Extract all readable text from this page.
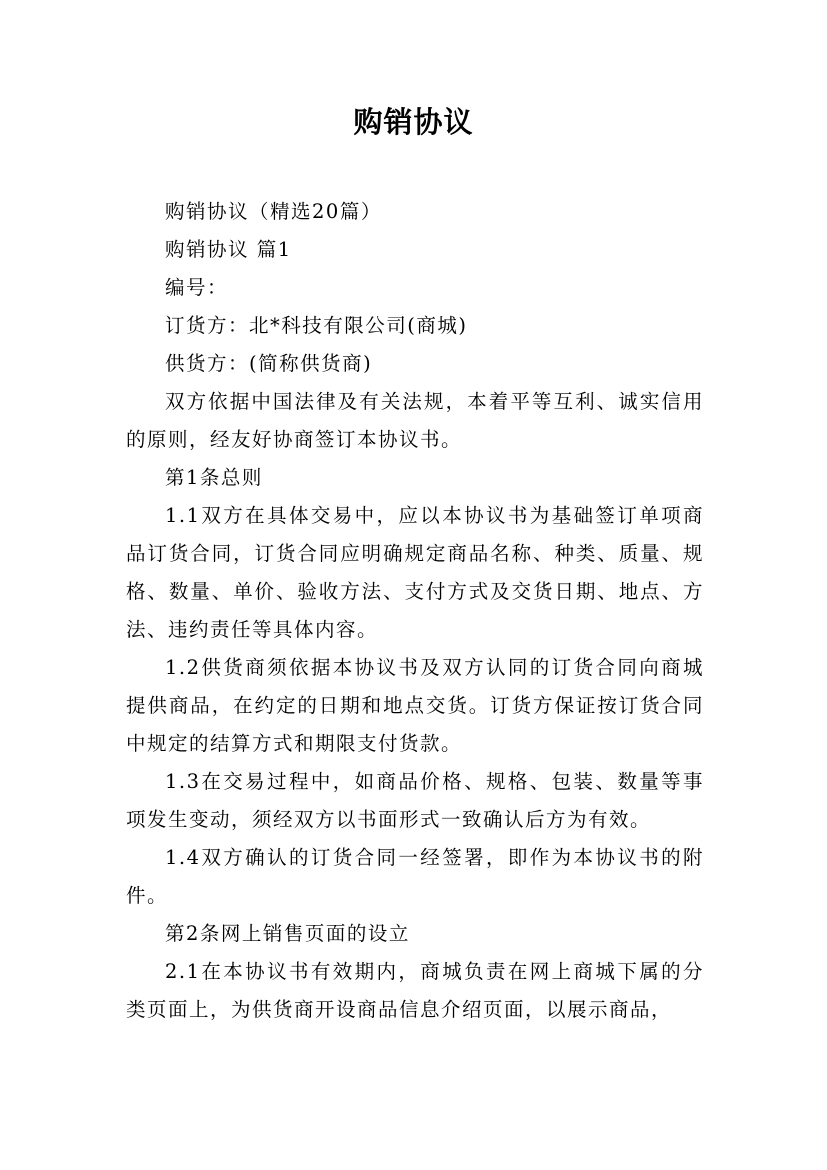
购销协议

购销协议（精选20篇）

购销协议 篇1

编号：

订货方：北*科技有限公司(商城)

供货方：(简称供货商)

双方依据中国法律及有关法规，本着平等互利、诚实信用的原则，经友好协商签订本协议书。

第1条总则

1.1双方在具体交易中，应以本协议书为基础签订单项商品订货合同，订货合同应明确规定商品名称、种类、质量、规格、数量、单价、验收方法、支付方式及交货日期、地点、方法、违约责任等具体内容。

1.2供货商须依据本协议书及双方认同的订货合同向商城提供商品，在约定的日期和地点交货。订货方保证按订货合同中规定的结算方式和期限支付货款。

1.3在交易过程中，如商品价格、规格、包装、数量等事项发生变动，须经双方以书面形式一致确认后方为有效。

1.4双方确认的订货合同一经签署，即作为本协议书的附件。

第2条网上销售页面的设立

2.1在本协议书有效期内，商城负责在网上商城下属的分类页面上，为供货商开设商品信息介绍页面，以展示商品，
